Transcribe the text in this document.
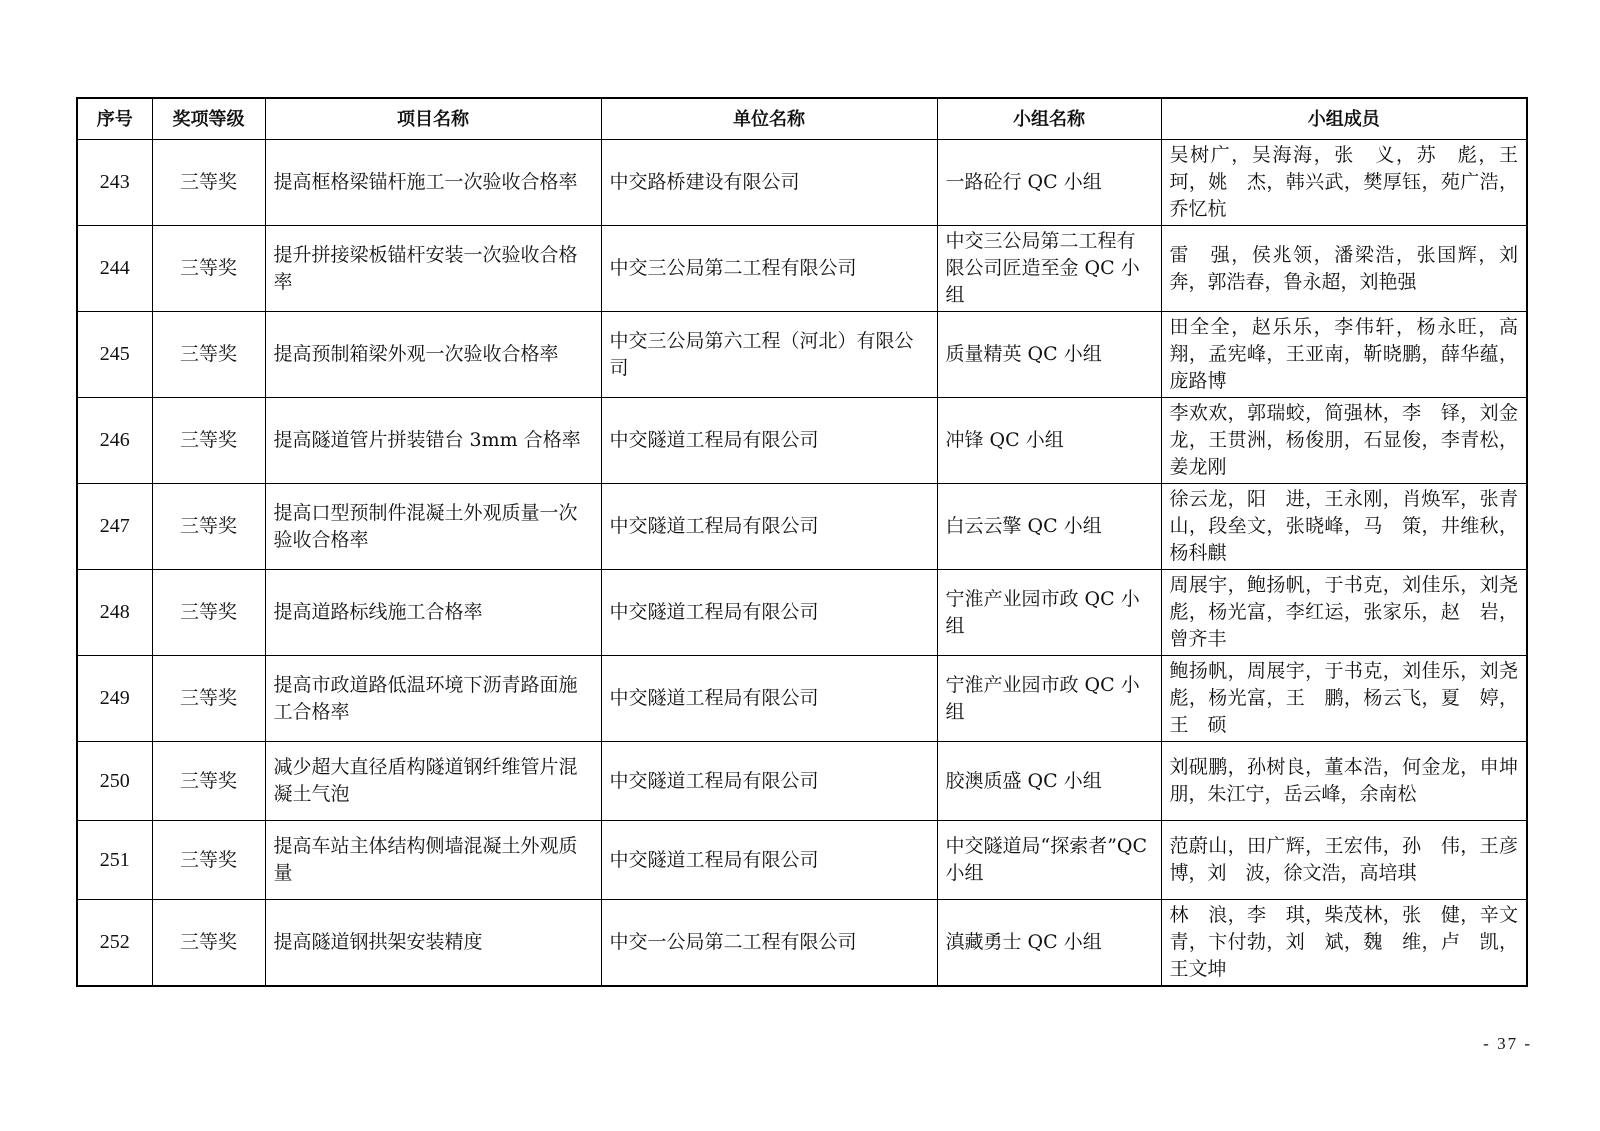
序号	奖项等级	项目名称	单位名称	小组名称	小组成员
243	三等奖	提高框格梁锚杆施工一次验收合格率	中交路桥建设有限公司	一路砼行 QC 小组	吴树广，吴海海，张　义，苏　彪，王　珂，姚　杰，韩兴武，樊厚钰，苑广浩，乔忆杭
244	三等奖	提升拼接梁板锚杆安装一次验收合格率	中交三公局第二工程有限公司	中交三公局第二工程有限公司匠造至金 QC 小组	雷　强，侯兆领，潘梁浩，张国辉，刘　奔，郭浩春，鲁永超，刘艳强
245	三等奖	提高预制箱梁外观一次验收合格率	中交三公局第六工程（河北）有限公司	质量精英 QC 小组	田全全，赵乐乐，李伟轩，杨永旺，高　翔，孟宪峰，王亚南，靳晓鹏，薛华蕴，庞路博
246	三等奖	提高隧道管片拼装错台 3mm 合格率	中交隧道工程局有限公司	冲锋 QC 小组	李欢欢，郭瑞蛟，简强林，李　铎，刘金龙，王贯洲，杨俊朋，石显俊，李青松，姜龙刚
247	三等奖	提高口型预制件混凝土外观质量一次验收合格率	中交隧道工程局有限公司	白云云擎 QC 小组	徐云龙，阳　进，王永刚，肖焕军，张青山，段垒文，张晓峰，马　策，井维秋，杨科麒
248	三等奖	提高道路标线施工合格率	中交隧道工程局有限公司	宁淮产业园市政 QC 小组	周展宇，鲍扬帆，于书克，刘佳乐，刘尧彪，杨光富，李红运，张家乐，赵　岩，曾齐丰
249	三等奖	提高市政道路低温环境下沥青路面施工合格率	中交隧道工程局有限公司	宁淮产业园市政 QC 小组	鲍扬帆，周展宇，于书克，刘佳乐，刘尧彪，杨光富，王　鹏，杨云飞，夏　婷，王　硕
250	三等奖	减少超大直径盾构隧道钢纤维管片混凝土气泡	中交隧道工程局有限公司	胶澳质盛 QC 小组	刘砚鹏，孙树良，董本浩，何金龙，申坤朋，朱江宁，岳云峰，余南松
251	三等奖	提高车站主体结构侧墙混凝土外观质量	中交隧道工程局有限公司	中交隧道局“探索者”QC 小组	范蔚山，田广辉，王宏伟，孙　伟，王彦博，刘　波，徐文浩，高培琪
252	三等奖	提高隧道钢拱架安装精度	中交一公局第二工程有限公司	滇藏勇士 QC 小组	林　浪，李　琪，柴茂林，张　健，辛文青，卞付勃，刘　斌，魏　维，卢　凯，王文坤
- 37 -
